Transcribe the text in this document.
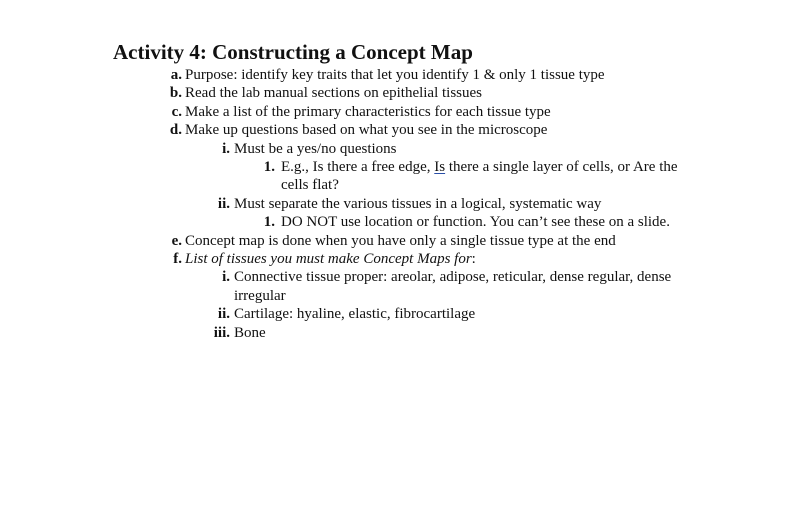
Activity 4: Constructing a Concept Map
a. Purpose: identify key traits that let you identify 1 & only 1 tissue type
b. Read the lab manual sections on epithelial tissues
c. Make a list of the primary characteristics for each tissue type
d. Make up questions based on what you see in the microscope
i. Must be a yes/no questions
1. E.g., Is there a free edge, Is there a single layer of cells, or Are the
cells flat?
ii. Must separate the various tissues in a logical, systematic way
1. DO NOT use location or function. You can’t see these on a slide.
e. Concept map is done when you have only a single tissue type at the end
f. List of tissues you must make Concept Maps for:
i. Connective tissue proper: areolar, adipose, reticular, dense regular, dense
irregular
ii. Cartilage: hyaline, elastic, fibrocartilage
iii. Bone
